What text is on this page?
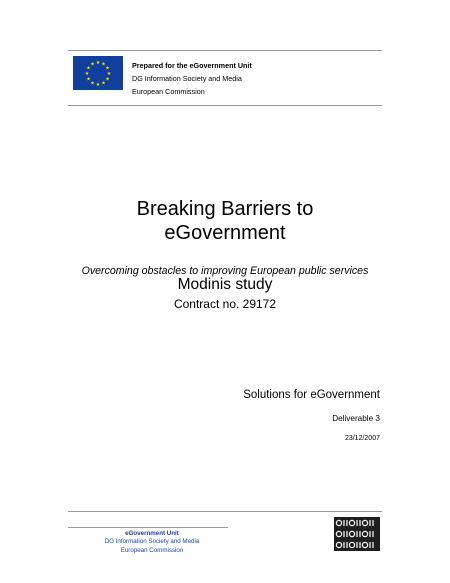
★ ★
★
★
★
★
★
★
★
★
★
★	Prepared for the eGovernment Unit
DG Information Society and Media
European Commission
Breaking Barriers to
eGovernment
Overcoming obstacles to improving European public services
Modinis study
Contract no. 29172
Solutions for eGovernment
Deliverable 3
23/12/2007
eGovernment Unit
DG Information Society and Media
European Commission
